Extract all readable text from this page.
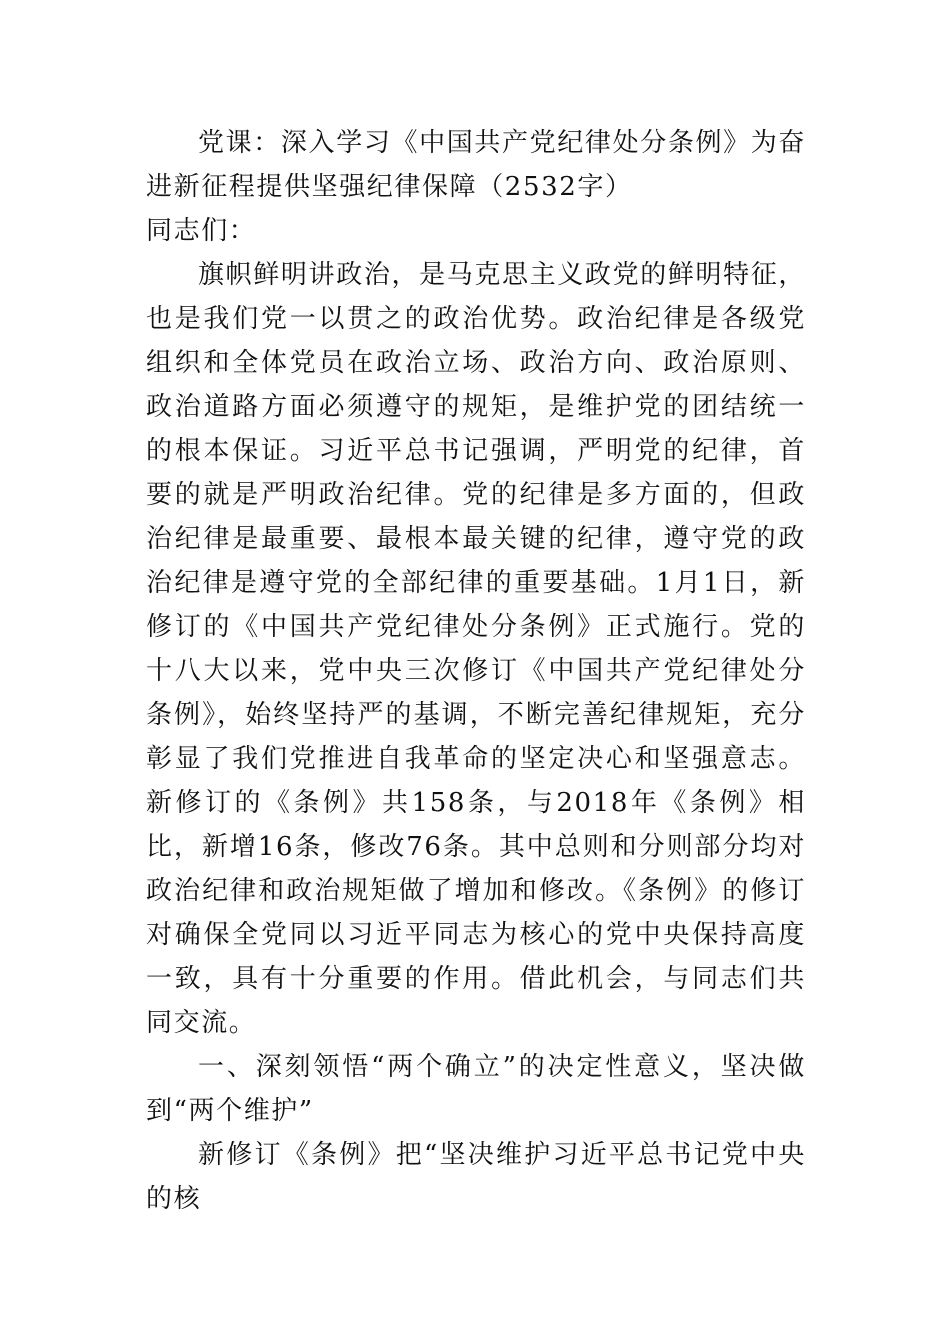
党课：深入学习《中国共产党纪律处分条例》为奋进新征程提供坚强纪律保障（2532字）

同志们：

旗帜鲜明讲政治，是马克思主义政党的鲜明特征，也是我们党一以贯之的政治优势。政治纪律是各级党组织和全体党员在政治立场、政治方向、政治原则、政治道路方面必须遵守的规矩，是维护党的团结统一的根本保证。习近平总书记强调，严明党的纪律，首要的就是严明政治纪律。党的纪律是多方面的，但政治纪律是最重要、最根本最关键的纪律，遵守党的政治纪律是遵守党的全部纪律的重要基础。1月1日，新修订的《中国共产党纪律处分条例》正式施行。党的十八大以来，党中央三次修订《中国共产党纪律处分条例》，始终坚持严的基调，不断完善纪律规矩，充分彰显了我们党推进自我革命的坚定决心和坚强意志。新修订的《条例》共158条，与2018年《条例》相比，新增16条，修改76条。其中总则和分则部分均对政治纪律和政治规矩做了增加和修改。《条例》的修订对确保全党同以习近平同志为核心的党中央保持高度一致，具有十分重要的作用。借此机会，与同志们共同交流。

一、深刻领悟“两个确立”的决定性意义，坚决做到“两个维护”

新修订《条例》把“坚决维护习近平总书记党中央的核
